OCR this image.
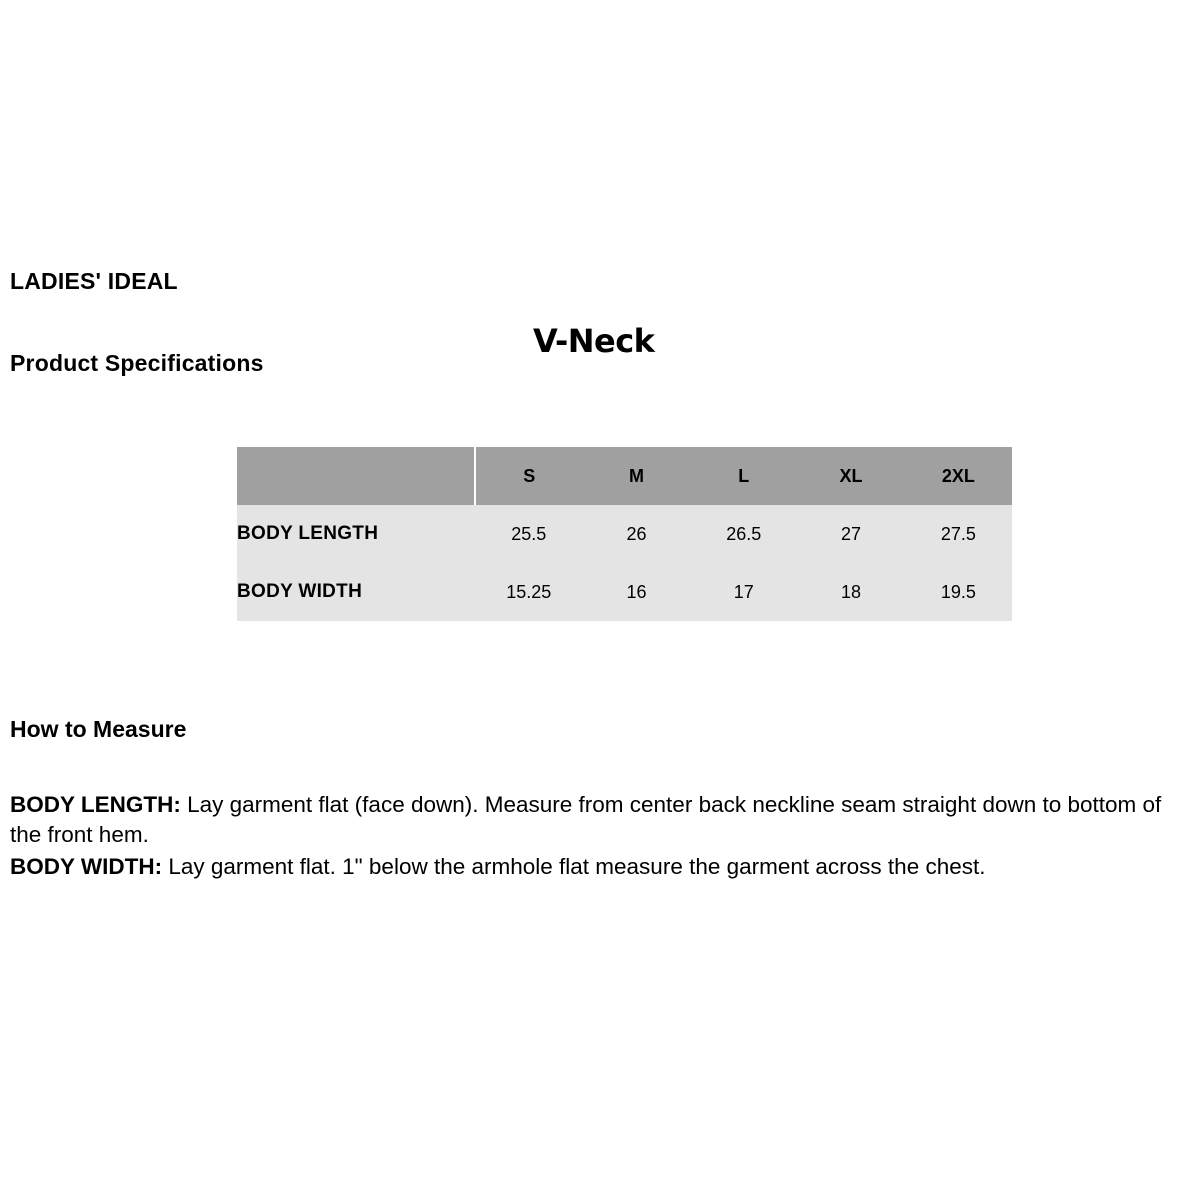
LADIES' IDEAL
V-Neck
Product Specifications
	S	M	L	XL	2XL
BODY LENGTH	25.5	26	26.5	27	27.5
BODY WIDTH	15.25	16	17	18	19.5
How to Measure

BODY LENGTH: Lay garment flat (face down). Measure from center back neckline seam straight down to bottom of the front hem.

BODY WIDTH: Lay garment flat. 1" below the armhole flat measure the garment across the chest.
